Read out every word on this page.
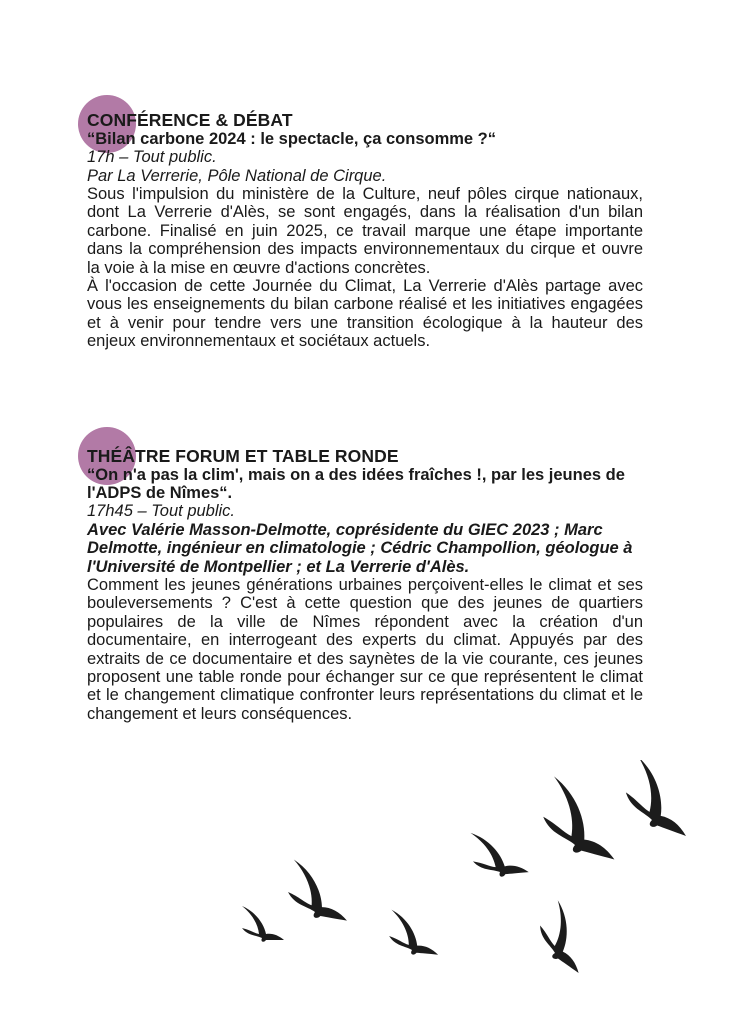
CONFÉRENCE & DÉBAT

“Bilan carbone 2024 : le spectacle, ça consomme ?“

17h – Tout public.

Par La Verrerie, Pôle National de Cirque.

Sous l'impulsion du ministère de la Culture, neuf pôles cirque nationaux, dont La Verrerie d'Alès, se sont engagés, dans la réalisation d'un bilan carbone. Finalisé en juin 2025, ce travail marque une étape importante dans la compréhension des impacts environnementaux du cirque et ouvre la voie à la mise en œuvre d'actions concrètes.

À l'occasion de cette Journée du Climat, La Verrerie d'Alès partage avec vous les enseignements du bilan carbone réalisé et les initiatives engagées et à venir pour tendre vers une transition écologique à la hauteur des enjeux environnementaux et sociétaux actuels.

THÉÂTRE FORUM ET TABLE RONDE

“On n'a pas la clim', mais on a des idées fraîches !, par les jeunes de l'ADPS de Nîmes“.

17h45 – Tout public.

Avec Valérie Masson-Delmotte, coprésidente du GIEC 2023 ; Marc Delmotte, ingénieur en climatologie ; Cédric Champollion, géologue à l'Université de Montpellier ; et La Verrerie d'Alès.

Comment les jeunes générations urbaines perçoivent-elles le climat et ses bouleversements ? C'est à cette question que des jeunes de quartiers populaires de la ville de Nîmes répondent avec la création d'un documentaire, en interrogeant des experts du climat. Appuyés par des extraits de ce documentaire et des saynètes de la vie courante, ces jeunes proposent une table ronde pour échanger sur ce que représentent le climat et le changement climatique confronter leurs représentations du climat et le changement et leurs conséquences.
